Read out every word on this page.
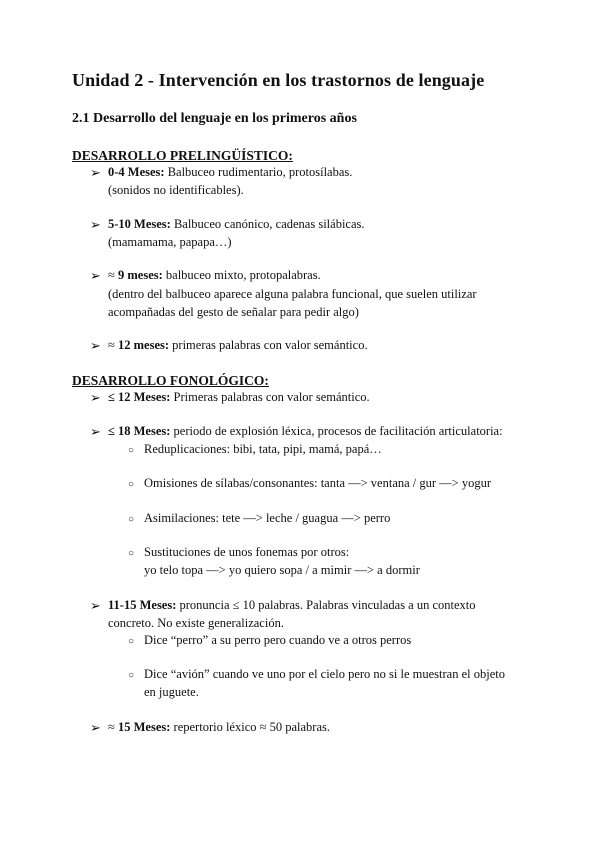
Unidad 2 - Intervención en los trastornos de lenguaje
2.1 Desarrollo del lenguaje en los primeros años
DESARROLLO PRELINGÜÍSTICO:
➢ 0-4 Meses: Balbuceo rudimentario, protosílabas.
(sonidos no identificables).
➢ 5-10 Meses: Balbuceo canónico, cadenas silábicas.
(mamamama, papapa…)
➢ ≈ 9 meses: balbuceo mixto, protopalabras.
(dentro del balbuceo aparece alguna palabra funcional, que suelen utilizar
acompañadas del gesto de señalar para pedir algo)
➢ ≈ 12 meses: primeras palabras con valor semántico.
DESARROLLO FONOLÓGICO:
➢ ≤ 12 Meses: Primeras palabras con valor semántico.
➢ ≤ 18 Meses: periodo de explosión léxica, procesos de facilitación articulatoria:
○ Reduplicaciones: bibi, tata, pipi, mamá, papá…
○ Omisiones de sílabas/consonantes: tanta —> ventana / gur —> yogur
○ Asimilaciones: tete —> leche / guagua —> perro
○ Sustituciones de unos fonemas por otros:
yo telo topa —> yo quiero sopa / a mimir —> a dormir
➢ 11-15 Meses: pronuncia ≤ 10 palabras. Palabras vinculadas a un contexto
concreto. No existe generalización.
○ Dice “perro” a su perro pero cuando ve a otros perros
○ Dice “avión” cuando ve uno por el cielo pero no si le muestran el objeto
en juguete.
➢ ≈ 15 Meses: repertorio léxico ≈ 50 palabras.
